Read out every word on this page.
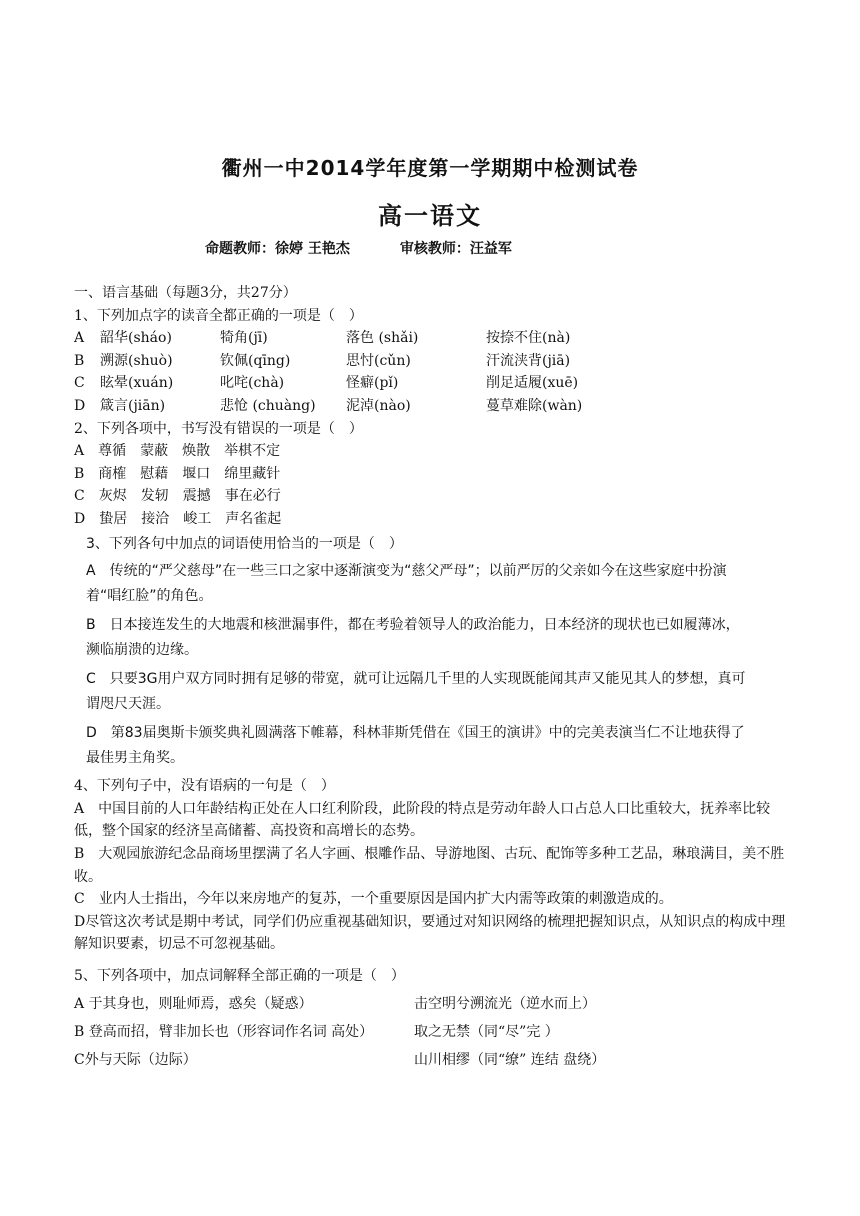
衢州一中2014学年度第一学期期中检测试卷
高一语文
命题教师：徐婷 王艳杰	审核教师：汪益军

一、语言基础（每题3分，共27分）

1、下列加点字的读音全都正确的一项是（　）

A	韶华(sháo)	犄角(jī)	落色 (shǎi)	按捺不住(nà)
B	溯源(shuò)	钦佩(qīng)	思忖(cǔn)	汗流浃背(jiā)
C	眩晕(xuán)	叱咤(chà)	怪癖(pǐ)	削足适履(xuē)
D	箴言(jiān)	悲怆 (chuàng)	泥淖(nào)	蔓草难除(wàn)

2、下列各项中，书写没有错误的一项是（　）

A　尊循　蒙蔽　焕散　举棋不定

B　商榷　慰藉　堰口　绵里藏针

C　灰烬　发轫　震撼　事在必行

D　蛰居　接洽　峻工　声名雀起

3、下列各句中加点的词语使用恰当的一项是（　）

A　传统的“严父慈母”在一些三口之家中逐渐演变为“慈父严母”；以前严厉的父亲如今在这些家庭中扮演

着“唱红脸”的角色。

B　日本接连发生的大地震和核泄漏事件，都在考验着领导人的政治能力，日本经济的现状也已如履薄冰，

濒临崩溃的边缘。

C　只要3G用户双方同时拥有足够的带宽，就可让远隔几千里的人实现既能闻其声又能见其人的梦想，真可

谓咫尺天涯。

D　第83届奥斯卡颁奖典礼圆满落下帷幕，科林菲斯凭借在《国王的演讲》中的完美表演当仁不让地获得了

最佳男主角奖。

4、下列句子中，没有语病的一句是（　）

A　中国目前的人口年龄结构正处在人口红利阶段，此阶段的特点是劳动年龄人口占总人口比重较大，抚养率比较低，整个国家的经济呈高储蓄、高投资和高增长的态势。

B　大观园旅游纪念品商场里摆满了名人字画、根雕作品、导游地图、古玩、配饰等多种工艺品，琳琅满目，美不胜收。

C　业内人士指出，今年以来房地产的复苏，一个重要原因是国内扩大内需等政策的刺激造成的。

D尽管这次考试是期中考试，同学们仍应重视基础知识，要通过对知识网络的梳理把握知识点，从知识点的构成中理解知识要素，切忌不可忽视基础。

5、下列各项中，加点词解释全部正确的一项是（　）

A 于其身也，则耻师焉，惑矣（疑惑）	击空明兮溯流光（逆水而上）
B 登高而招，臂非加长也（形容词作名词 高处）	取之无禁（同“尽”完 ）
C外与天际（边际）	山川相缪（同“缭” 连结 盘绕）
